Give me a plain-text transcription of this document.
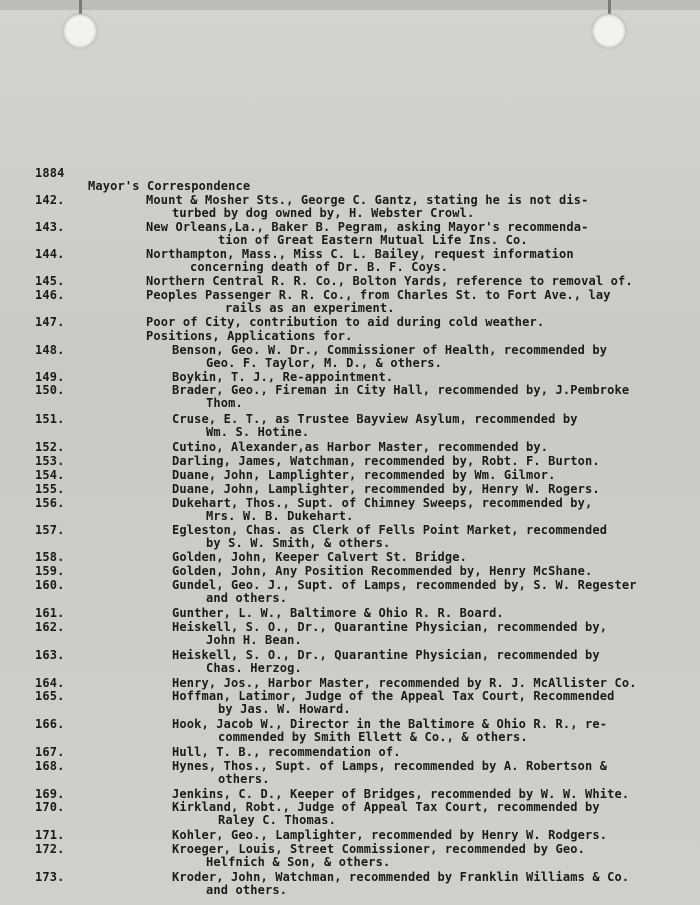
1884
Mayor's Correspondence
142.	Mount & Mosher Sts., George C. Gantz, stating he is not dis-
turbed by dog owned by, H. Webster Crowl.
143.	New Orleans,La., Baker B. Pegram, asking Mayor's recommenda-
tion of Great Eastern Mutual Life Ins. Co.
144.	Northampton, Mass., Miss C. L. Bailey, request information
concerning death of Dr. B. F. Coys.
145.	Northern Central R. R. Co., Bolton Yards, reference to removal of.
146.	Peoples Passenger R. R. Co., from Charles St. to Fort Ave., lay
rails as an experiment.
147.	Poor of City, contribution to aid during cold weather.
Positions, Applications for.
148.	Benson, Geo. W. Dr., Commissioner of Health, recommended by
Geo. F. Taylor, M. D., & others.
149.	Boykin, T. J., Re-appointment.
150.	Brader, Geo., Fireman in City Hall, recommended by, J.Pembroke
Thom.
151.	Cruse, E. T., as Trustee Bayview Asylum, recommended by
Wm. S. Hotine.
152.	Cutino, Alexander,as Harbor Master, recommended by.
153.	Darling, James, Watchman, recommended by, Robt. F. Burton.
154.	Duane, John, Lamplighter, recommended by Wm. Gilmor.
155.	Duane, John, Lamplighter, recommended by, Henry W. Rogers.
156.	Dukehart, Thos., Supt. of Chimney Sweeps, recommended by,
Mrs. W. B. Dukehart.
157.	Egleston, Chas. as Clerk of Fells Point Market, recommended
by S. W. Smith, & others.
158.	Golden, John, Keeper Calvert St. Bridge.
159.	Golden, John, Any Position Recommended by, Henry McShane.
160.	Gundel, Geo. J., Supt. of Lamps, recommended by, S. W. Regester
and others.
161.	Gunther, L. W., Baltimore & Ohio R. R. Board.
162.	Heiskell, S. O., Dr., Quarantine Physician, recommended by,
John H. Bean.
163.	Heiskell, S. O., Dr., Quarantine Physician, recommended by
Chas. Herzog.
164.	Henry, Jos., Harbor Master, recommended by R. J. McAllister Co.
165.	Hoffman, Latimor, Judge of the Appeal Tax Court, Recommended
by Jas. W. Howard.
166.	Hook, Jacob W., Director in the Baltimore & Ohio R. R., re-
commended by Smith Ellett & Co., & others.
167.	Hull, T. B., recommendation of.
168.	Hynes, Thos., Supt. of Lamps, recommended by A. Robertson &
others.
169.	Jenkins, C. D., Keeper of Bridges, recommended by W. W. White.
170.	Kirkland, Robt., Judge of Appeal Tax Court, recommended by
Raley C. Thomas.
171.	Kohler, Geo., Lamplighter, recommended by Henry W. Rodgers.
172.	Kroeger, Louis, Street Commissioner, recommended by Geo.
Helfnich & Son, & others.
173.	Kroder, John, Watchman, recommended by Franklin Williams & Co.
and others.
